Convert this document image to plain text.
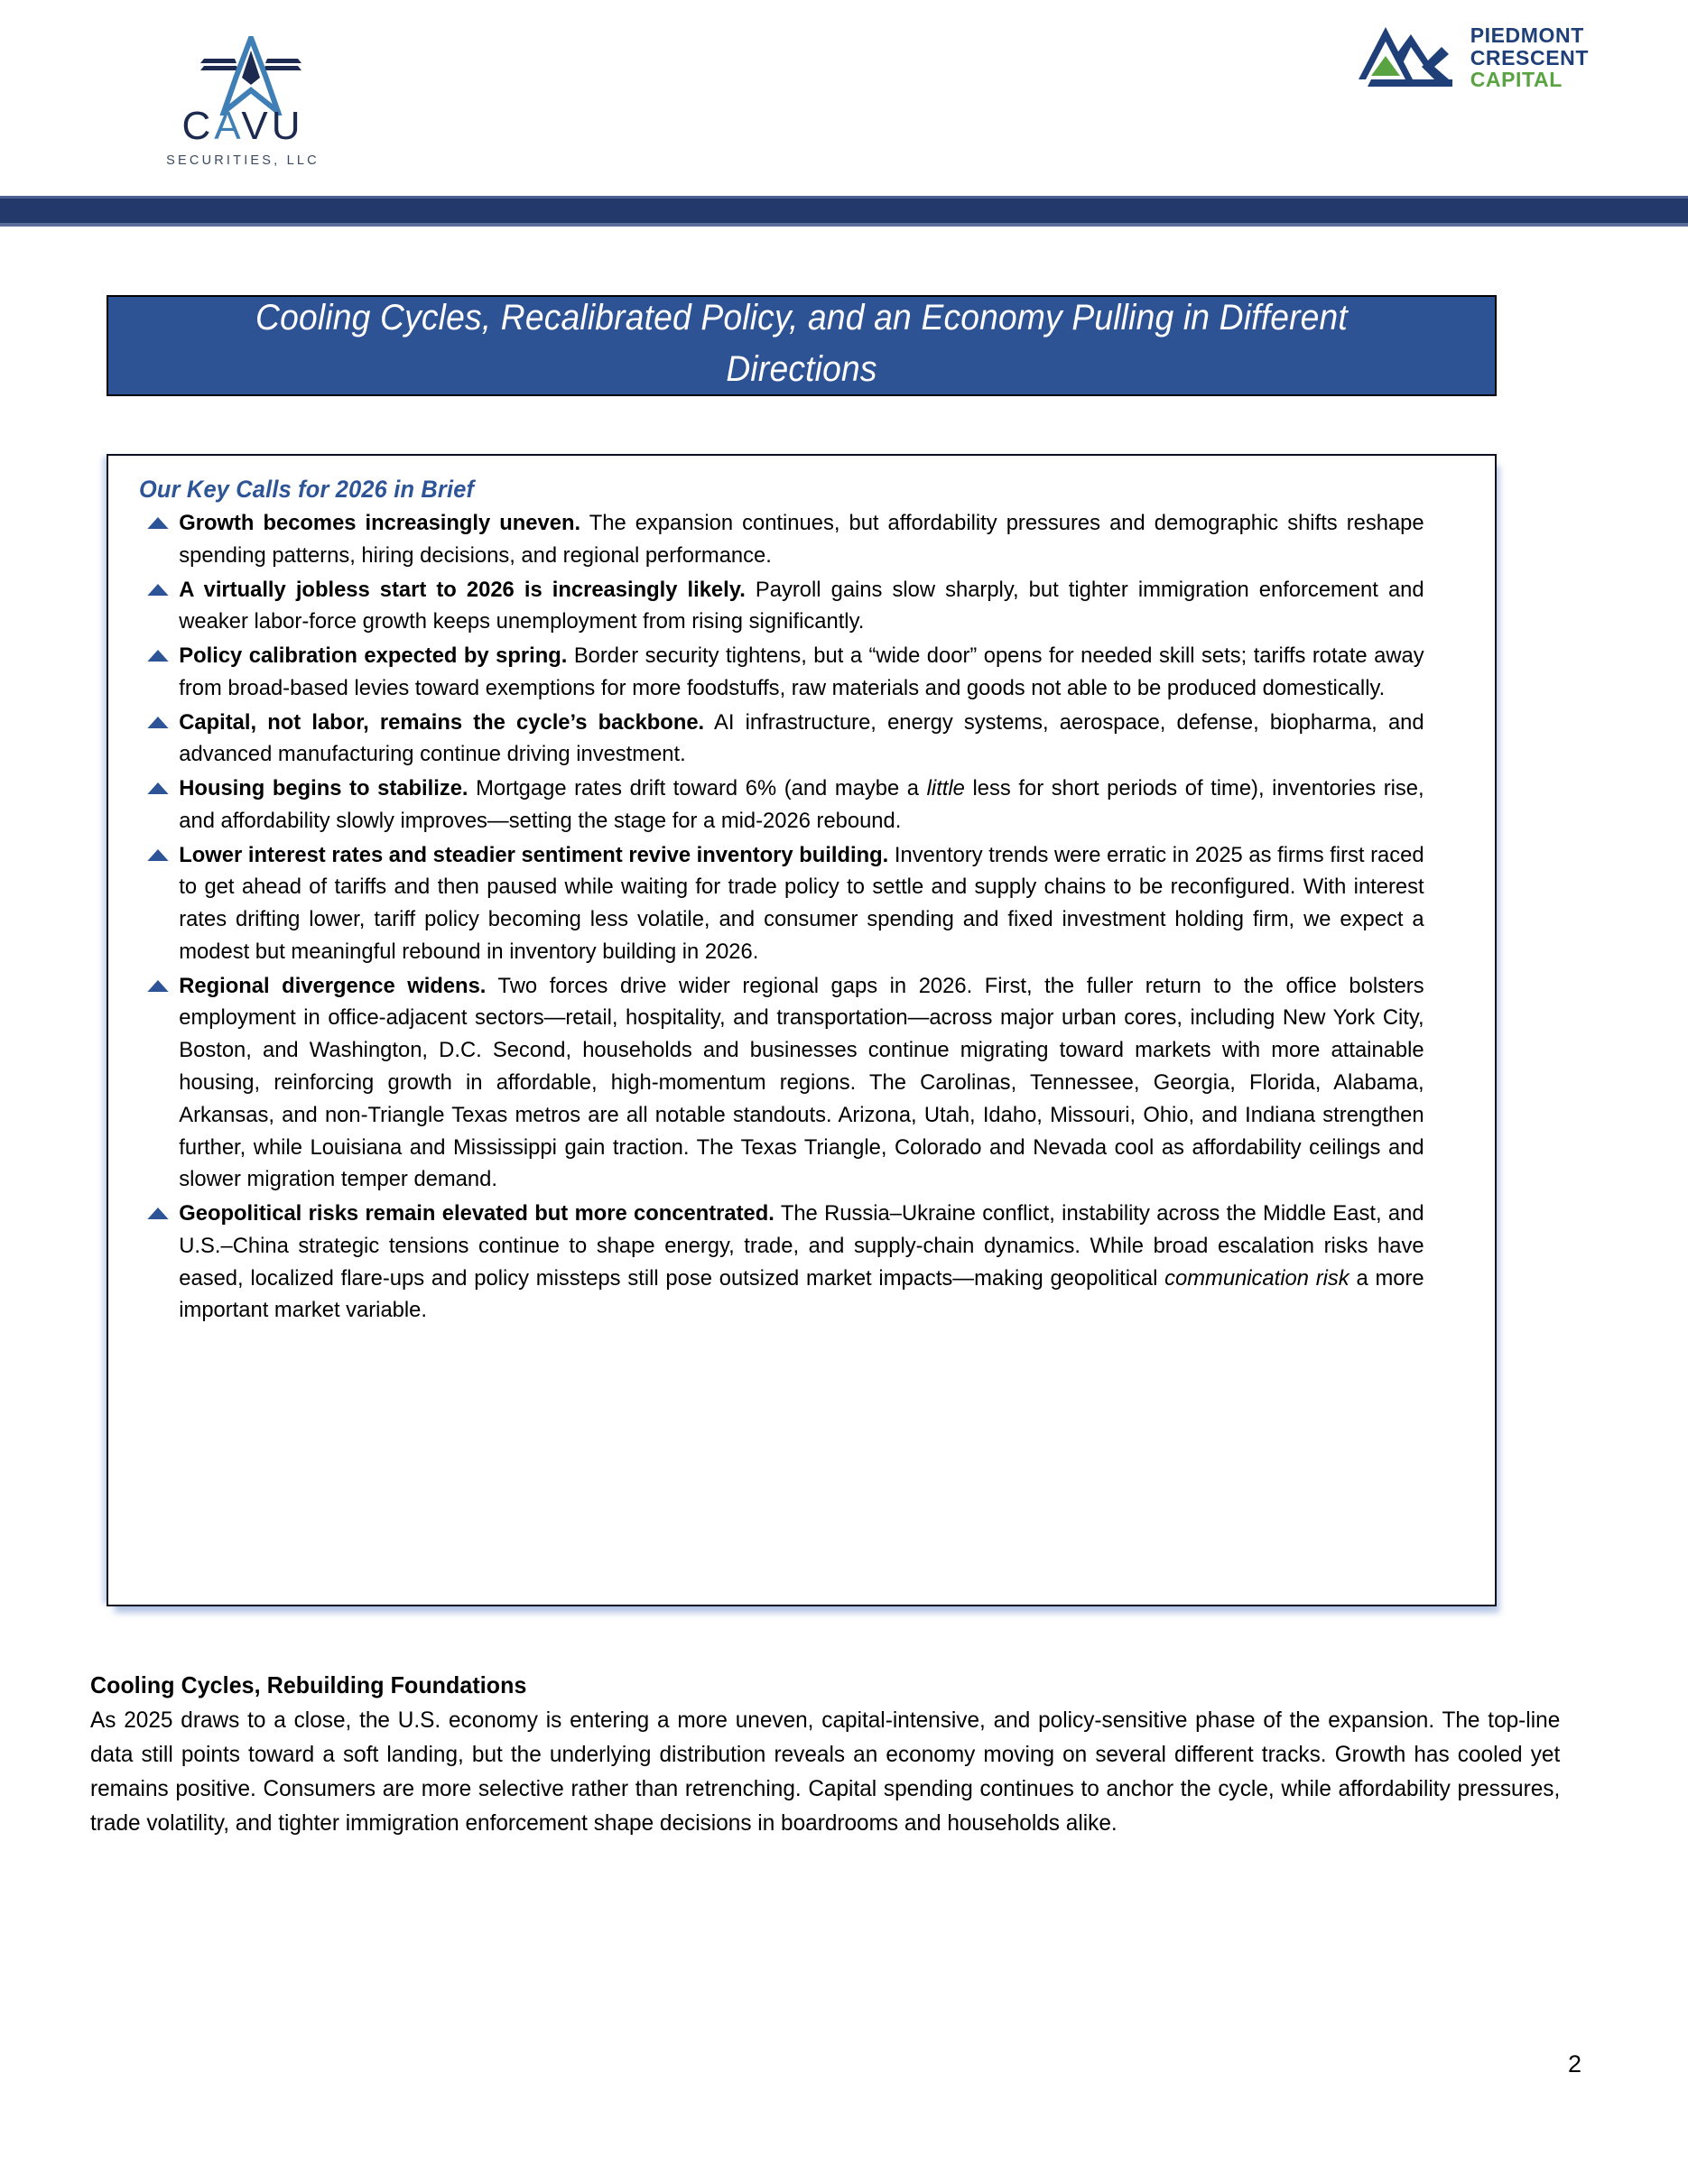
CAVU
SECURITIES, LLC
PIEDMONT
CRESCENT
CAPITAL
Cooling Cycles, Recalibrated Policy, and an Economy Pulling in Different Directions
Our Key Calls for 2026 in Brief
Growth becomes increasingly uneven. The expansion continues, but affordability pressures and demographic shifts reshape spending patterns, hiring decisions, and regional performance.
A virtually jobless start to 2026 is increasingly likely. Payroll gains slow sharply, but tighter immigration enforcement and weaker labor-force growth keeps unemployment from rising significantly.
Policy calibration expected by spring. Border security tightens, but a “wide door” opens for needed skill sets; tariffs rotate away from broad-based levies toward exemptions for more foodstuffs, raw materials and goods not able to be produced domestically.
Capital, not labor, remains the cycle’s backbone. AI infrastructure, energy systems, aerospace, defense, biopharma, and advanced manufacturing continue driving investment.
Housing begins to stabilize. Mortgage rates drift toward 6% (and maybe a little less for short periods of time), inventories rise, and affordability slowly improves—setting the stage for a mid-2026 rebound.
Lower interest rates and steadier sentiment revive inventory building. Inventory trends were erratic in 2025 as firms first raced to get ahead of tariffs and then paused while waiting for trade policy to settle and supply chains to be reconfigured. With interest rates drifting lower, tariff policy becoming less volatile, and consumer spending and fixed investment holding firm, we expect a modest but meaningful rebound in inventory building in 2026.
Regional divergence widens. Two forces drive wider regional gaps in 2026. First, the fuller return to the office bolsters employment in office-adjacent sectors—retail, hospitality, and transportation—across major urban cores, including New York City, Boston, and Washington, D.C. Second, households and businesses continue migrating toward markets with more attainable housing, reinforcing growth in affordable, high-momentum regions. The Carolinas, Tennessee, Georgia, Florida, Alabama, Arkansas, and non-Triangle Texas metros are all notable standouts. Arizona, Utah, Idaho, Missouri, Ohio, and Indiana strengthen further, while Louisiana and Mississippi gain traction. The Texas Triangle, Colorado and Nevada cool as affordability ceilings and slower migration temper demand.
Geopolitical risks remain elevated but more concentrated. The Russia–Ukraine conflict, instability across the Middle East, and U.S.–China strategic tensions continue to shape energy, trade, and supply-chain dynamics. While broad escalation risks have eased, localized flare-ups and policy missteps still pose outsized market impacts—making geopolitical communication risk a more important market variable.
Cooling Cycles, Rebuilding Foundations

As 2025 draws to a close, the U.S. economy is entering a more uneven, capital-intensive, and policy-sensitive phase of the expansion. The top-line data still points toward a soft landing, but the underlying distribution reveals an economy moving on several different tracks. Growth has cooled yet remains positive. Consumers are more selective rather than retrenching. Capital spending continues to anchor the cycle, while affordability pressures, trade volatility, and tighter immigration enforcement shape decisions in boardrooms and households alike.

2
